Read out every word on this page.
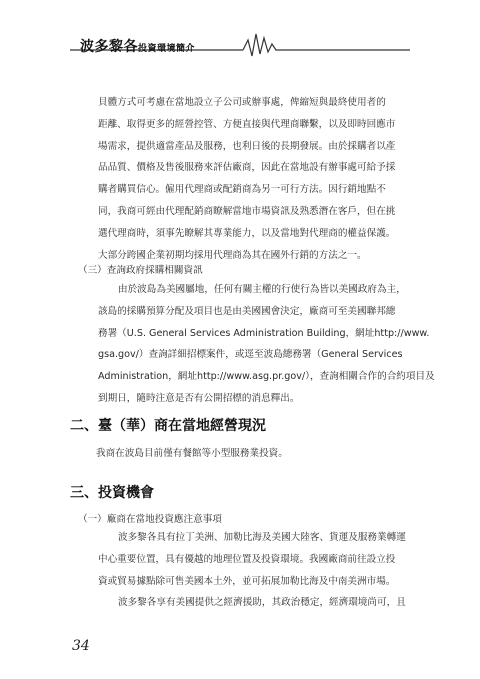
波多黎各投資環境簡介
貝體方式可考慮在當地設立子公司或辦事處，俾縮短與最終使用者的
距離、取得更多的經營控管、方便直接與代理商聯繫，以及即時回應市
場需求，提供適當產品及服務，也利日後的長期發展。由於採購者以產
品品質、價格及售後服務來評估廠商，因此在當地設有辦事處可給予採
購者購買信心。僱用代理商或配銷商為另一可行方法。因行銷地點不
同，我商可經由代理配銷商瞭解當地市場資訊及熟悉潛在客戶，但在挑
選代理商時，須事先瞭解其專業能力，以及當地對代理商的權益保護。
大部分跨國企業初期均採用代理商為其在國外行銷的方法之一。
（三）查詢政府採購相關資訊
由於波島為美國屬地，任何有關主權的行使行為皆以美國政府為主，
該島的採購預算分配及項目也是由美國國會決定，廠商可至美國聯邦總
務署（U.S. General Services Administration Building，網址http://www.
gsa.gov/）查詢詳細招標案件，或逕至波島總務署（General Services
Administration，網址http://www.asg.pr.gov/），查詢相關合作的合約項目及
到期日，隨時注意是否有公開招標的消息釋出。
二、臺（華）商在當地經營現況
我商在波島目前僅有餐館等小型服務業投資。
三、投資機會
（一）廠商在當地投資應注意事項
波多黎各具有拉丁美洲、加勒比海及美國大陸客、貨運及服務業轉運
中心重要位置，具有優越的地理位置及投資環境。我國廠商前往設立投
資或貿易據點除可售美國本土外，並可拓展加勒比海及中南美洲市場。
波多黎各享有美國提供之經濟援助，其政治穩定，經濟環境尚可，且
34
